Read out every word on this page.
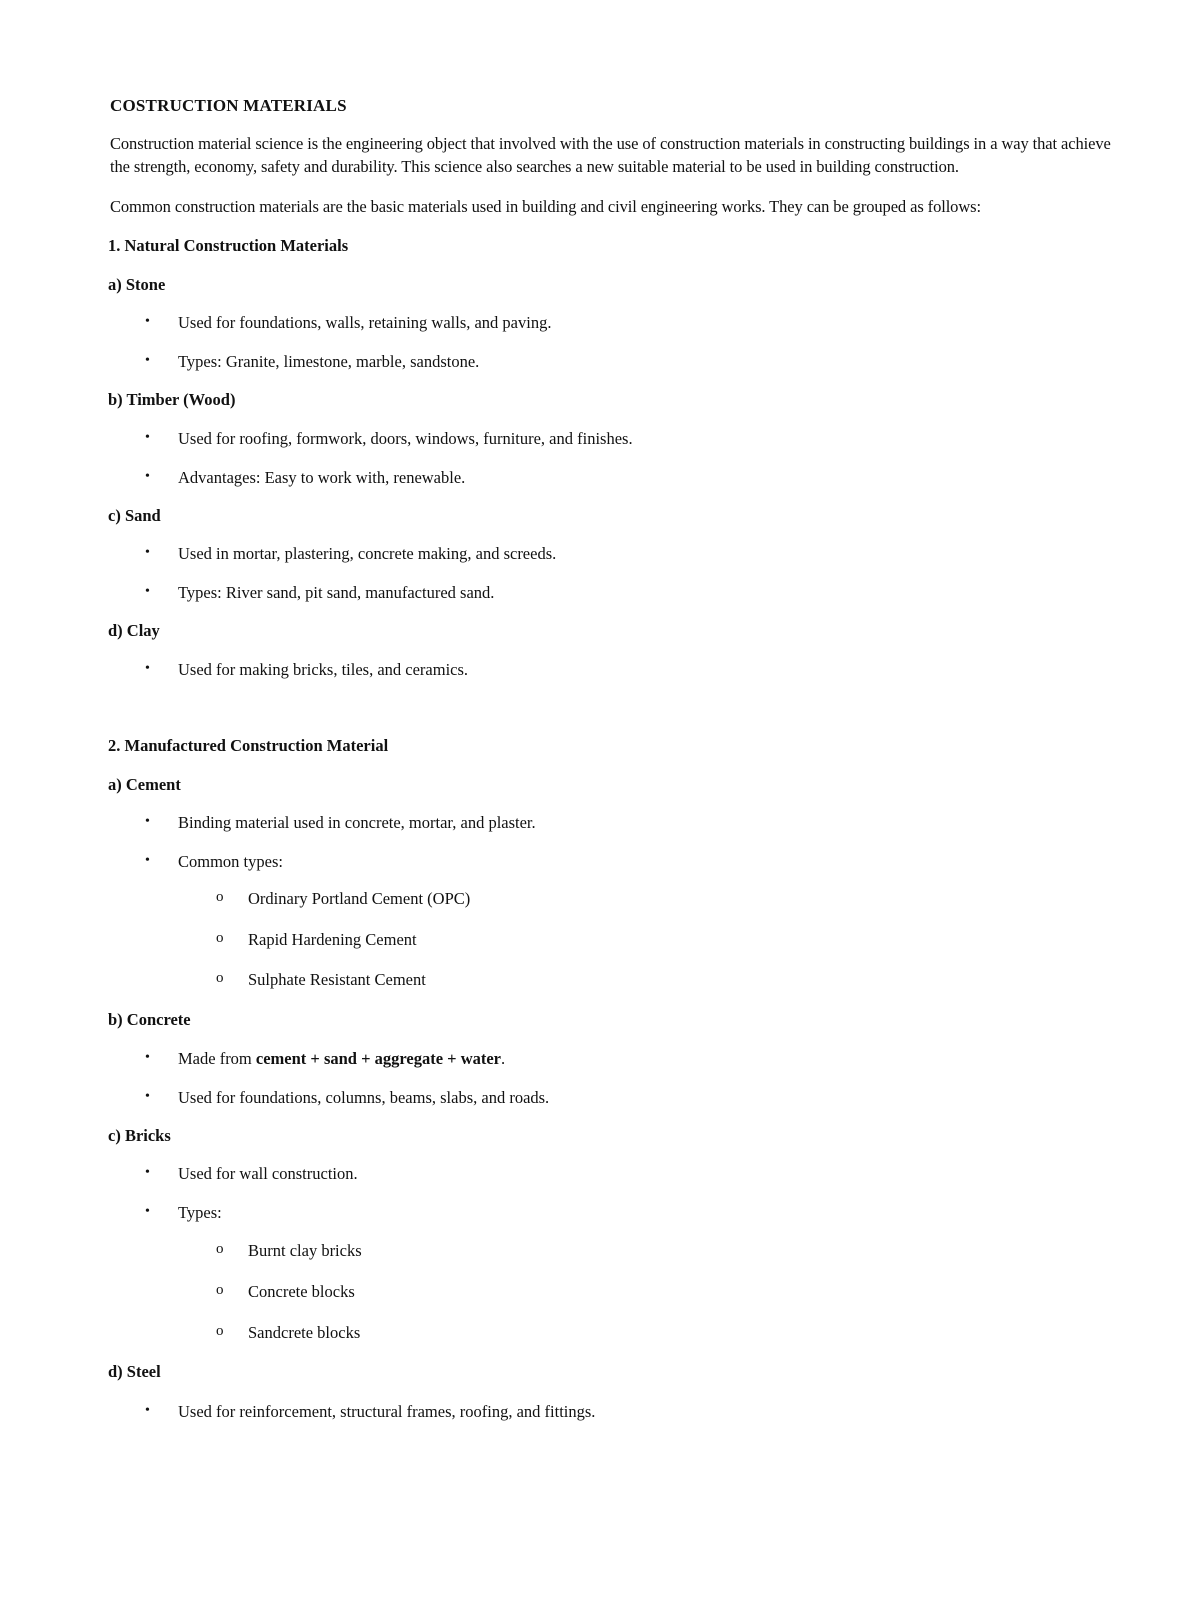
COSTRUCTION MATERIALS

Construction material science is the engineering object that involved with the use of construction materials in constructing buildings in a way that achieve the strength, economy, safety and durability. This science also searches a new suitable material to be used in building construction.

Common construction materials are the basic materials used in building and civil engineering works. They can be grouped as follows:

1. Natural Construction Materials

a) Stone

• Used for foundations, walls, retaining walls, and paving.

• Types: Granite, limestone, marble, sandstone.

b) Timber (Wood)

• Used for roofing, formwork, doors, windows, furniture, and finishes.

• Advantages: Easy to work with, renewable.

c) Sand

• Used in mortar, plastering, concrete making, and screeds.

• Types: River sand, pit sand, manufactured sand.

d) Clay

• Used for making bricks, tiles, and ceramics.

2. Manufactured Construction Material

a) Cement

• Binding material used in concrete, mortar, and plaster.

• Common types:

o Ordinary Portland Cement (OPC)

o Rapid Hardening Cement

o Sulphate Resistant Cement

b) Concrete

• Made from cement + sand + aggregate + water.

• Used for foundations, columns, beams, slabs, and roads.

c) Bricks

• Used for wall construction.

• Types:

o Burnt clay bricks

o Concrete blocks

o Sandcrete blocks

d) Steel

• Used for reinforcement, structural frames, roofing, and fittings.
